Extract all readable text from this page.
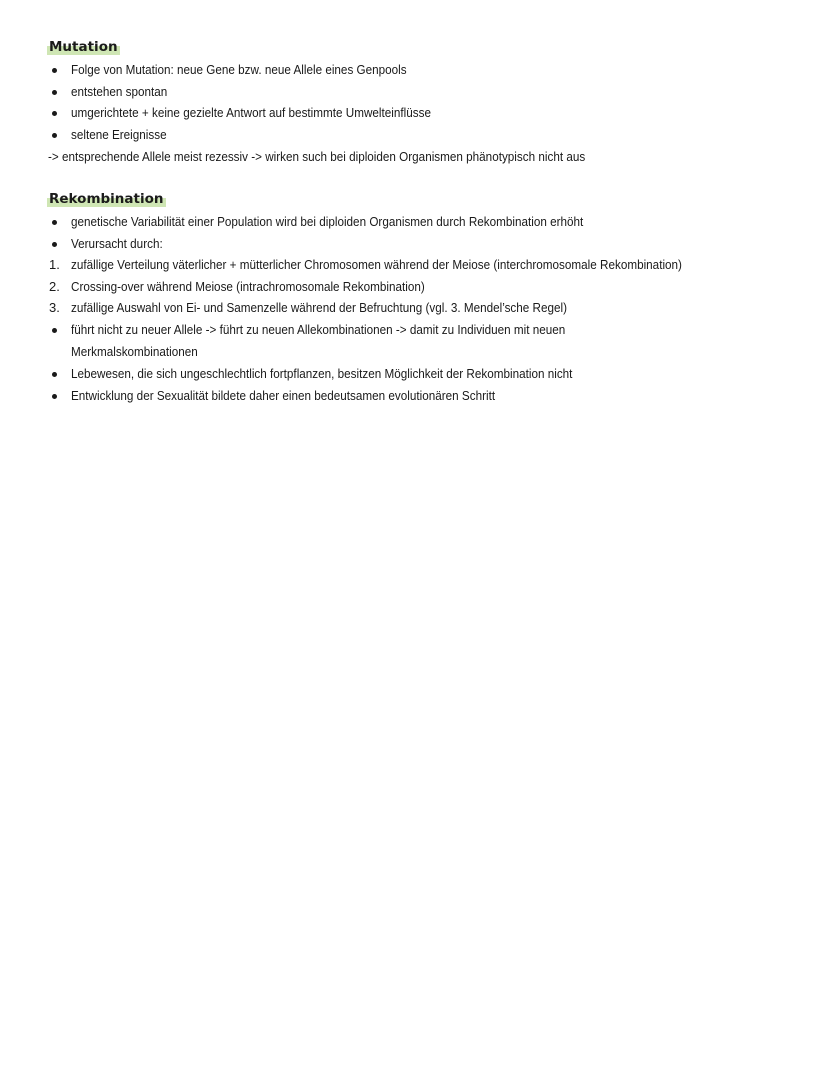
Mutation
Folge von Mutation: neue Gene bzw. neue Allele eines Genpools
entstehen spontan
umgerichtete + keine gezielte Antwort auf bestimmte Umwelteinflüsse
seltene Ereignisse
-> entsprechende Allele meist rezessiv -> wirken such bei diploiden Organismen phänotypisch nicht aus
Rekombination
genetische Variabilität einer Population wird bei diploiden Organismen durch Rekombination erhöht
Verursacht durch:
1. zufällige Verteilung väterlicher + mütterlicher Chromosomen während der Meiose (interchromosomale Rekombination)
2. Crossing-over während Meiose (intrachromosomale Rekombination)
3. zufällige Auswahl von Ei- und Samenzelle während der Befruchtung (vgl. 3. Mendel’sche Regel)
führt nicht zu neuer Allele -> führt zu neuen Allekombinationen -> damit zu Individuen mit neuen
Merkmalskombinationen
Lebewesen, die sich ungeschlechtlich fortpflanzen, besitzen Möglichkeit der Rekombination nicht
Entwicklung der Sexualität bildete daher einen bedeutsamen evolutionären Schritt
